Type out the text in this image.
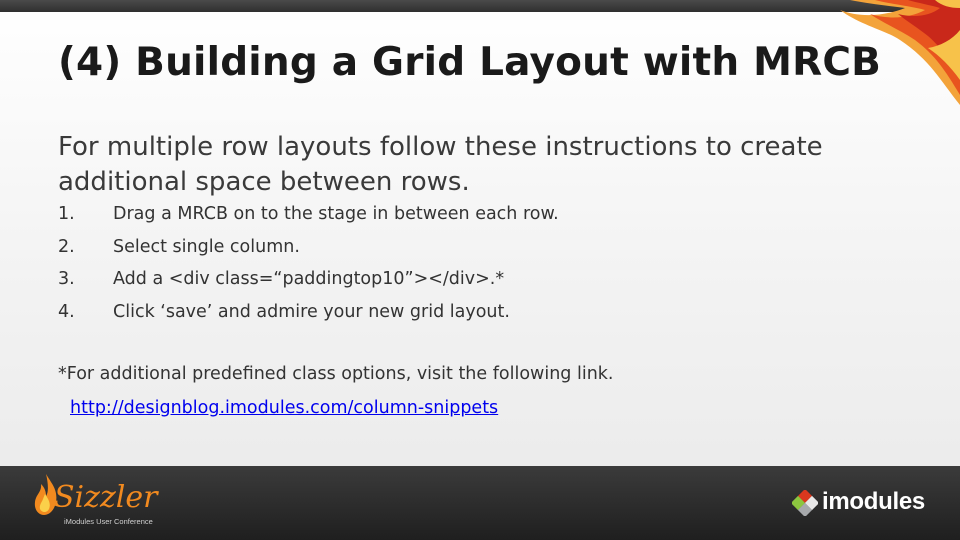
(4) Building a Grid Layout with MRCB

For multiple row layouts follow these instructions to create additional space between rows.

1. Drag a MRCB on to the stage in between each row.
2. Select single column.
3. Add a <div class=“paddingtop10”></div>.*
4. Click ‘save’ and admire your new grid layout.

*For additional predefined class options, visit the following link.

http://designblog.imodules.com/column-snippets
Sizzler
iModules User Conference
imodules
